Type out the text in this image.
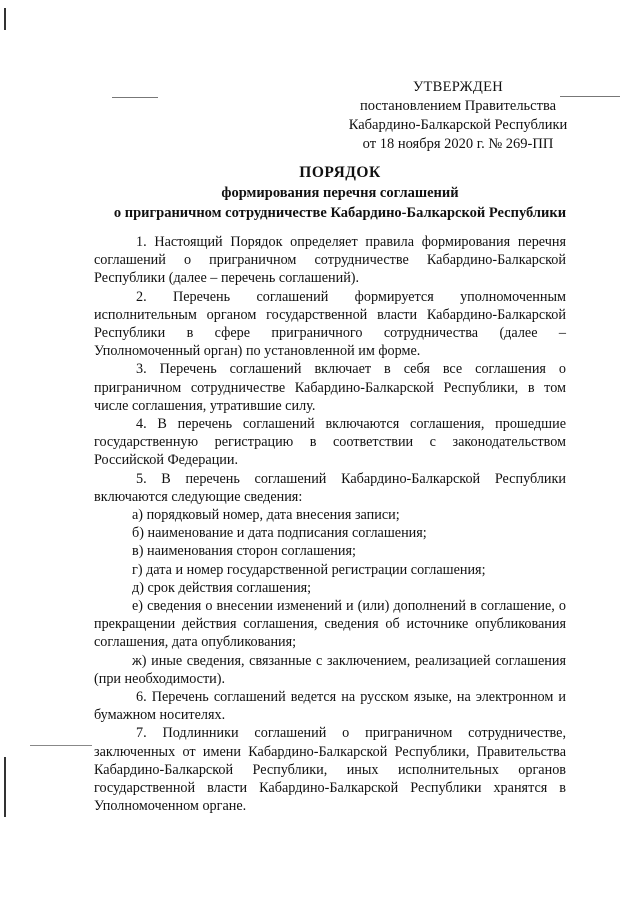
УТВЕРЖДЕН
постановлением Правительства
Кабардино-Балкарской Республики
от 18 ноября 2020 г. № 269-ПП
ПОРЯДОК
формирования перечня соглашений
о приграничном сотрудничестве Кабардино-Балкарской Республики

1. Настоящий Порядок определяет правила формирования перечня соглашений о приграничном сотрудничестве Кабардино-Балкарской Республики (далее – перечень соглашений).

2. Перечень соглашений формируется уполномоченным исполнительным органом государственной власти Кабардино-Балкарской Республики в сфере приграничного сотрудничества (далее – Уполномоченный орган) по установленной им форме.

3. Перечень соглашений включает в себя все соглашения о приграничном сотрудничестве Кабардино-Балкарской Республики, в том числе соглашения, утратившие силу.

4. В перечень соглашений включаются соглашения, прошедшие государственную регистрацию в соответствии с законодательством Российской Федерации.

5. В перечень соглашений Кабардино-Балкарской Республики включаются следующие сведения:

а) порядковый номер, дата внесения записи;

б) наименование и дата подписания соглашения;

в) наименования сторон соглашения;

г) дата и номер государственной регистрации соглашения;

д) срок действия соглашения;

е) сведения о внесении изменений и (или) дополнений в соглашение, о прекращении действия соглашения, сведения об источнике опубликования соглашения, дата опубликования;

ж) иные сведения, связанные с заключением, реализацией соглашения (при необходимости).

6. Перечень соглашений ведется на русском языке, на электронном и бумажном носителях.

7. Подлинники соглашений о приграничном сотрудничестве, заключенных от имени Кабардино-Балкарской Республики, Правительства Кабардино-Балкарской Республики, иных исполнительных органов государственной власти Кабардино-Балкарской Республики хранятся в Уполномоченном органе.
